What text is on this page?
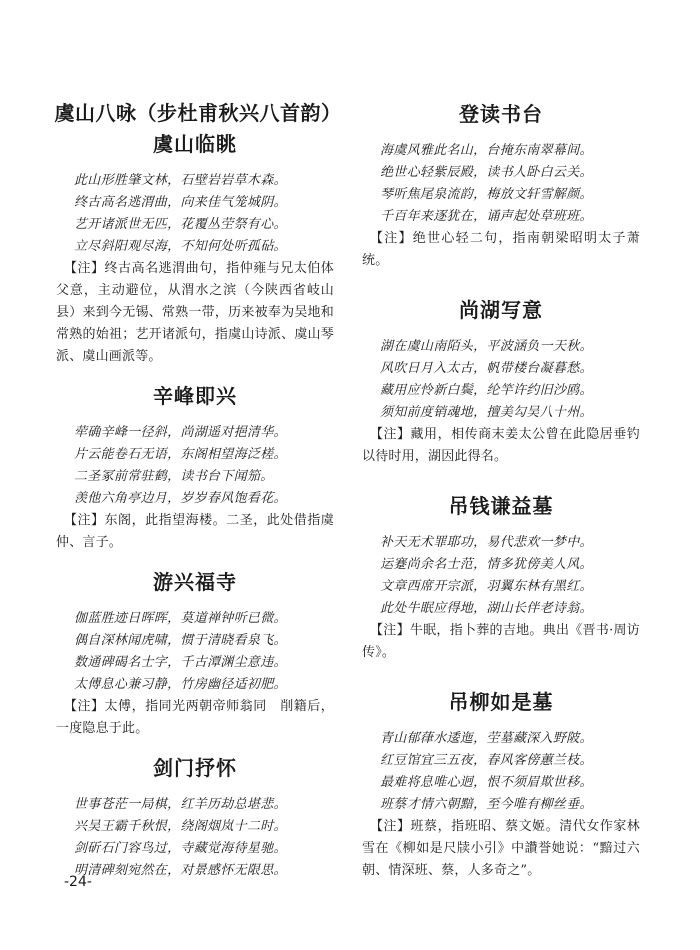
虞山八咏（步杜甫秋兴八首韵）
虞山临眺

此山形胜肇文林，石壁岩岩草木森。

终古高名逃渭曲，向来佳气笼城阴。

艺开诸派世无匹，花覆丛茔祭有心。

立尽斜阳观尽海，不知何处听孤砧。

【注】终古高名逃渭曲句，指仲雍与兄太伯体父意，主动避位，从渭水之滨（今陕西省岐山县）来到今无锡、常熟一带，历来被奉为吴地和常熟的始祖；艺开诸派句，指虞山诗派、虞山琴派、虞山画派等。

辛峰即兴

荦确辛峰一径斜，尚湖遥对挹清华。

片云能卷石无语，东阁相望海泛槎。

二圣冢前常驻鹤，读书台下闻笳。

羡他六角亭边月，岁岁春风饱看花。

【注】东阁，此指望海楼。二圣，此处借指虞仲、言子。

游兴福寺

伽蓝胜迹日晖晖，莫道禅钟听已微。

偶自深林闻虎啸，惯于清晓看泉飞。

数通碑碣名士字，千古潭渊尘意违。

太傅息心兼习静，竹房幽径适初肥。

【注】太傅，指同光两朝帝师翁同　削籍后，一度隐息于此。

剑门抒怀

世事苍茫一局棋，红羊历劫总堪悲。

兴吴王霸千秋恨，绕阁烟岚十二时。

剑斫石门容鸟过，寺藏觉海待星驰。

明清碑刻宛然在，对景感怀无限思。

登读书台

海虞风雅此名山，台掩东南翠幕间。

绝世心轻紫辰殿，读书人卧白云关。

琴听焦尾泉流韵，梅放文轩雪解颜。

千百年来逐犹在，诵声起处草班班。

【注】绝世心轻二句，指南朝梁昭明太子萧统。

尚湖写意

湖在虞山南陌头，平波涵负一天秋。

风吹日月入太古，帆带楼台凝暮愁。

藏用应怜新白鬓，纶竿许约旧沙鸥。

须知前度销魂地，擅美勾吴八十州。

【注】藏用，相传商末姜太公曾在此隐居垂钓以待时用，湖因此得名。

吊钱谦益墓

补天无术罪耶功，易代悲欢一梦中。

运蹇尚余名士范，情多犹傍美人风。

文章西席开宗派，羽翼东林有黑红。

此处牛眠应得地，湖山长伴老诗翁。

【注】牛眠，指卜葬的吉地。典出《晋书·周访传》。

吊柳如是墓

青山郁葎水逶迤，茔墓藏深入野陂。

红豆馆宜三五夜，春风客傍蕙兰枝。

最难将息唯心迥，恨不须眉欺世移。

班蔡才情六朝黯，至今唯有柳丝垂。

【注】班蔡，指班昭、蔡文姬。清代女作家林雪在《柳如是尺牍小引》中讚誉她说：“黯过六朝、情深班、蔡，人多奇之”。

-24-
